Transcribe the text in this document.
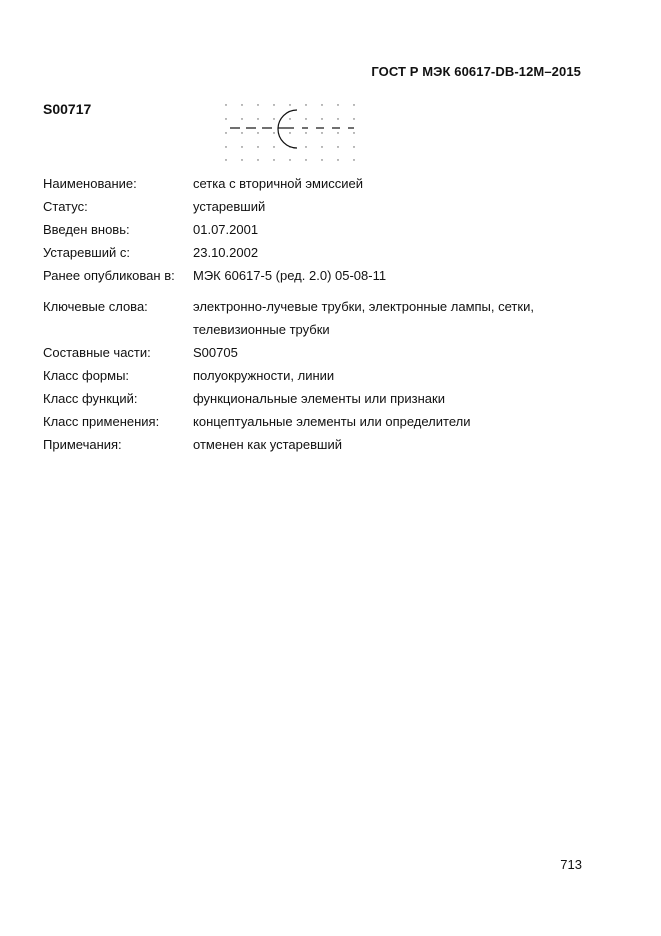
ГОСТ Р МЭК 60617-DB-12M–2015
S00717
Наименование:	сетка с вторичной эмиссией
Статус:	устаревший
Введен вновь:	01.07.2001
Устаревший с:	23.10.2002
Ранее опубликован в:	МЭК 60617-5 (ред. 2.0) 05-08-11
Ключевые слова:	электронно-лучевые трубки, электронные лампы, сетки,
телевизионные трубки
Составные части:	S00705
Класс формы:	полуокружности, линии
Класс функций:	функциональные элементы или признаки
Класс применения:	концептуальные элементы или определители
Примечания:	отменен как устаревший
713
